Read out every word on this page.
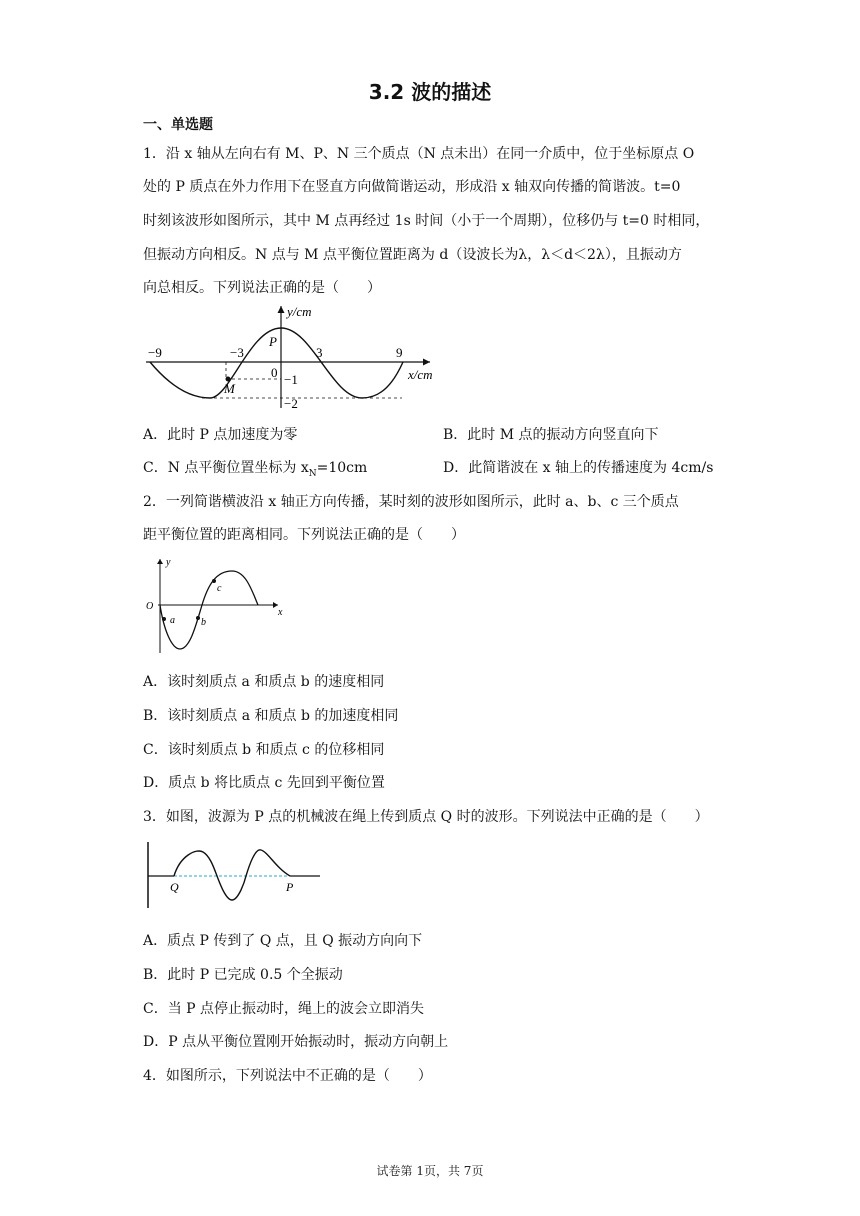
3.2 波的描述
一、单选题
1．沿 x 轴从左向右有 M、P、N 三个质点（N 点未出）在同一介质中，位于坐标原点 O
处的 P 质点在外力作用下在竖直方向做简谐运动，形成沿 x 轴双向传播的简谐波。t=0
时刻该波形如图所示，其中 M 点再经过 1s 时间（小于一个周期），位移仍与 t=0 时相同，
但振动方向相反。N 点与 M 点平衡位置距离为 d（设波长为λ，λ＜d＜2λ），且振动方
向总相反。下列说法正确的是（　　）
y/cm
x/cm
−9	−3
0
3	9
−1
−2
P
M
A．此时 P 点加速度为零	B．此时 M 点的振动方向竖直向下
C．N 点平衡位置坐标为 $x_N=10cm$	D．此简谐波在 x 轴上的传播速度为 4cm/s
2．一列简谐横波沿 x 轴正方向传播，某时刻的波形如图所示，此时 a、b、c 三个质点
距平衡位置的距离相同。下列说法正确的是（　　）
y
x
O
a	b
c
A．该时刻质点 a 和质点 b 的速度相同
B．该时刻质点 a 和质点 b 的加速度相同
C．该时刻质点 b 和质点 c 的位移相同
D．质点 b 将比质点 c 先回到平衡位置
3．如图，波源为 P 点的机械波在绳上传到质点 Q 时的波形。下列说法中正确的是（　　）
Q	P
A．质点 P 传到了 Q 点，且 Q 振动方向向下
B．此时 P 已完成 0.5 个全振动
C．当 P 点停止振动时，绳上的波会立即消失
D．P 点从平衡位置刚开始振动时，振动方向朝上
4．如图所示，下列说法中不正确的是（　　）
试卷第 1页，共 7页
